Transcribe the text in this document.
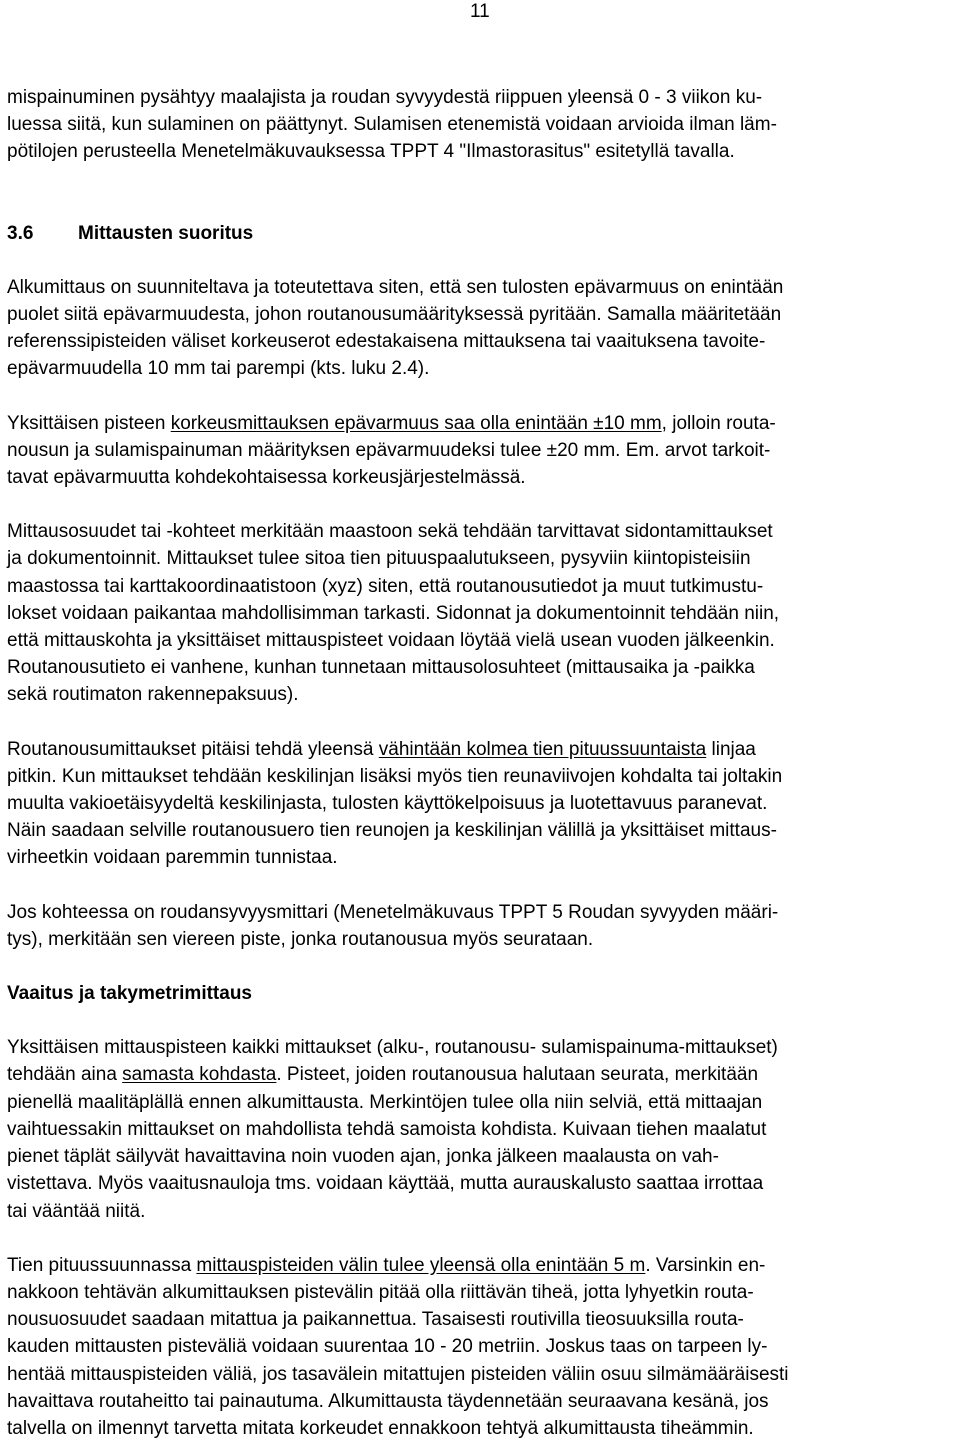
11

mispainuminen pysähtyy maalajista ja roudan syvyydestä riippuen yleensä 0 - 3 viikon ku-
luessa siitä, kun sulaminen on päättynyt. Sulamisen etenemistä voidaan arvioida ilman läm-
pötilojen perusteella Menetelmäkuvauksessa TPPT 4 "Ilmastorasitus" esitetyllä tavalla.

3.6 Mittausten suoritus

Alkumittaus on suunniteltava ja toteutettava siten, että sen tulosten epävarmuus on enintään
puolet siitä epävarmuudesta, johon routanousumäärityksessä pyritään. Samalla määritetään
referenssipisteiden väliset korkeuserot edestakaisena mittauksena tai vaaituksena tavoite-
epävarmuudella 10 mm tai parempi (kts. luku 2.4).

Yksittäisen pisteen korkeusmittauksen epävarmuus saa olla enintään ±10 mm, jolloin routa-
nousun ja sulamispainuman määrityksen epävarmuudeksi tulee ±20 mm. Em. arvot tarkoit-
tavat epävarmuutta kohdekohtaisessa korkeusjärjestelmässä.

Mittausosuudet tai -kohteet merkitään maastoon sekä tehdään tarvittavat sidontamittaukset
ja dokumentoinnit. Mittaukset tulee sitoa tien pituuspaalutukseen, pysyviin kiintopisteisiin
maastossa tai karttakoordinaatistoon (xyz) siten, että routanousutiedot ja muut tutkimustu-
lokset voidaan paikantaa mahdollisimman tarkasti. Sidonnat ja dokumentoinnit tehdään niin,
että mittauskohta ja yksittäiset mittauspisteet voidaan löytää vielä usean vuoden jälkeenkin.
Routanousutieto ei vanhene, kunhan tunnetaan mittausolosuhteet (mittausaika ja -paikka
sekä routimaton rakennepaksuus).

Routanousumittaukset pitäisi tehdä yleensä vähintään kolmea tien pituussuuntaista linjaa
pitkin. Kun mittaukset tehdään keskilinjan lisäksi myös tien reunaviivojen kohdalta tai joltakin
muulta vakioetäisyydeltä keskilinjasta, tulosten käyttökelpoisuus ja luotettavuus paranevat.
Näin saadaan selville routanousuero tien reunojen ja keskilinjan välillä ja yksittäiset mittaus-
virheetkin voidaan paremmin tunnistaa.

Jos kohteessa on roudansyvyysmittari (Menetelmäkuvaus TPPT 5 Roudan syvyyden määri-
tys), merkitään sen viereen piste, jonka routanousua myös seurataan.

Vaaitus ja takymetrimittaus

Yksittäisen mittauspisteen kaikki mittaukset (alku-, routanousu- sulamispainuma-mittaukset)
tehdään aina samasta kohdasta. Pisteet, joiden routanousua halutaan seurata, merkitään
pienellä maalitäplällä ennen alkumittausta. Merkintöjen tulee olla niin selviä, että mittaajan
vaihtuessakin mittaukset on mahdollista tehdä samoista kohdista. Kuivaan tiehen maalatut
pienet täplät säilyvät havaittavina noin vuoden ajan, jonka jälkeen maalausta on vah-
vistettava. Myös vaaitusnauloja tms. voidaan käyttää, mutta aurauskalusto saattaa irrottaa
tai vääntää niitä.

Tien pituussuunnassa mittauspisteiden välin tulee yleensä olla enintään 5 m. Varsinkin en-
nakkoon tehtävän alkumittauksen pistevälin pitää olla riittävän tiheä, jotta lyhyetkin routa-
nousuosuudet saadaan mitattua ja paikannettua. Tasaisesti routivilla tieosuuksilla routa-
kauden mittausten pisteväliä voidaan suurentaa 10 - 20 metriin. Joskus taas on tarpeen ly-
hentää mittauspisteiden väliä, jos tasavälein mitattujen pisteiden väliin osuu silmämääräisesti
havaittava routaheitto tai painautuma. Alkumittausta täydennetään seuraavana kesänä, jos
talvella on ilmennyt tarvetta mitata korkeudet ennakkoon tehtyä alkumittausta tiheämmin.
